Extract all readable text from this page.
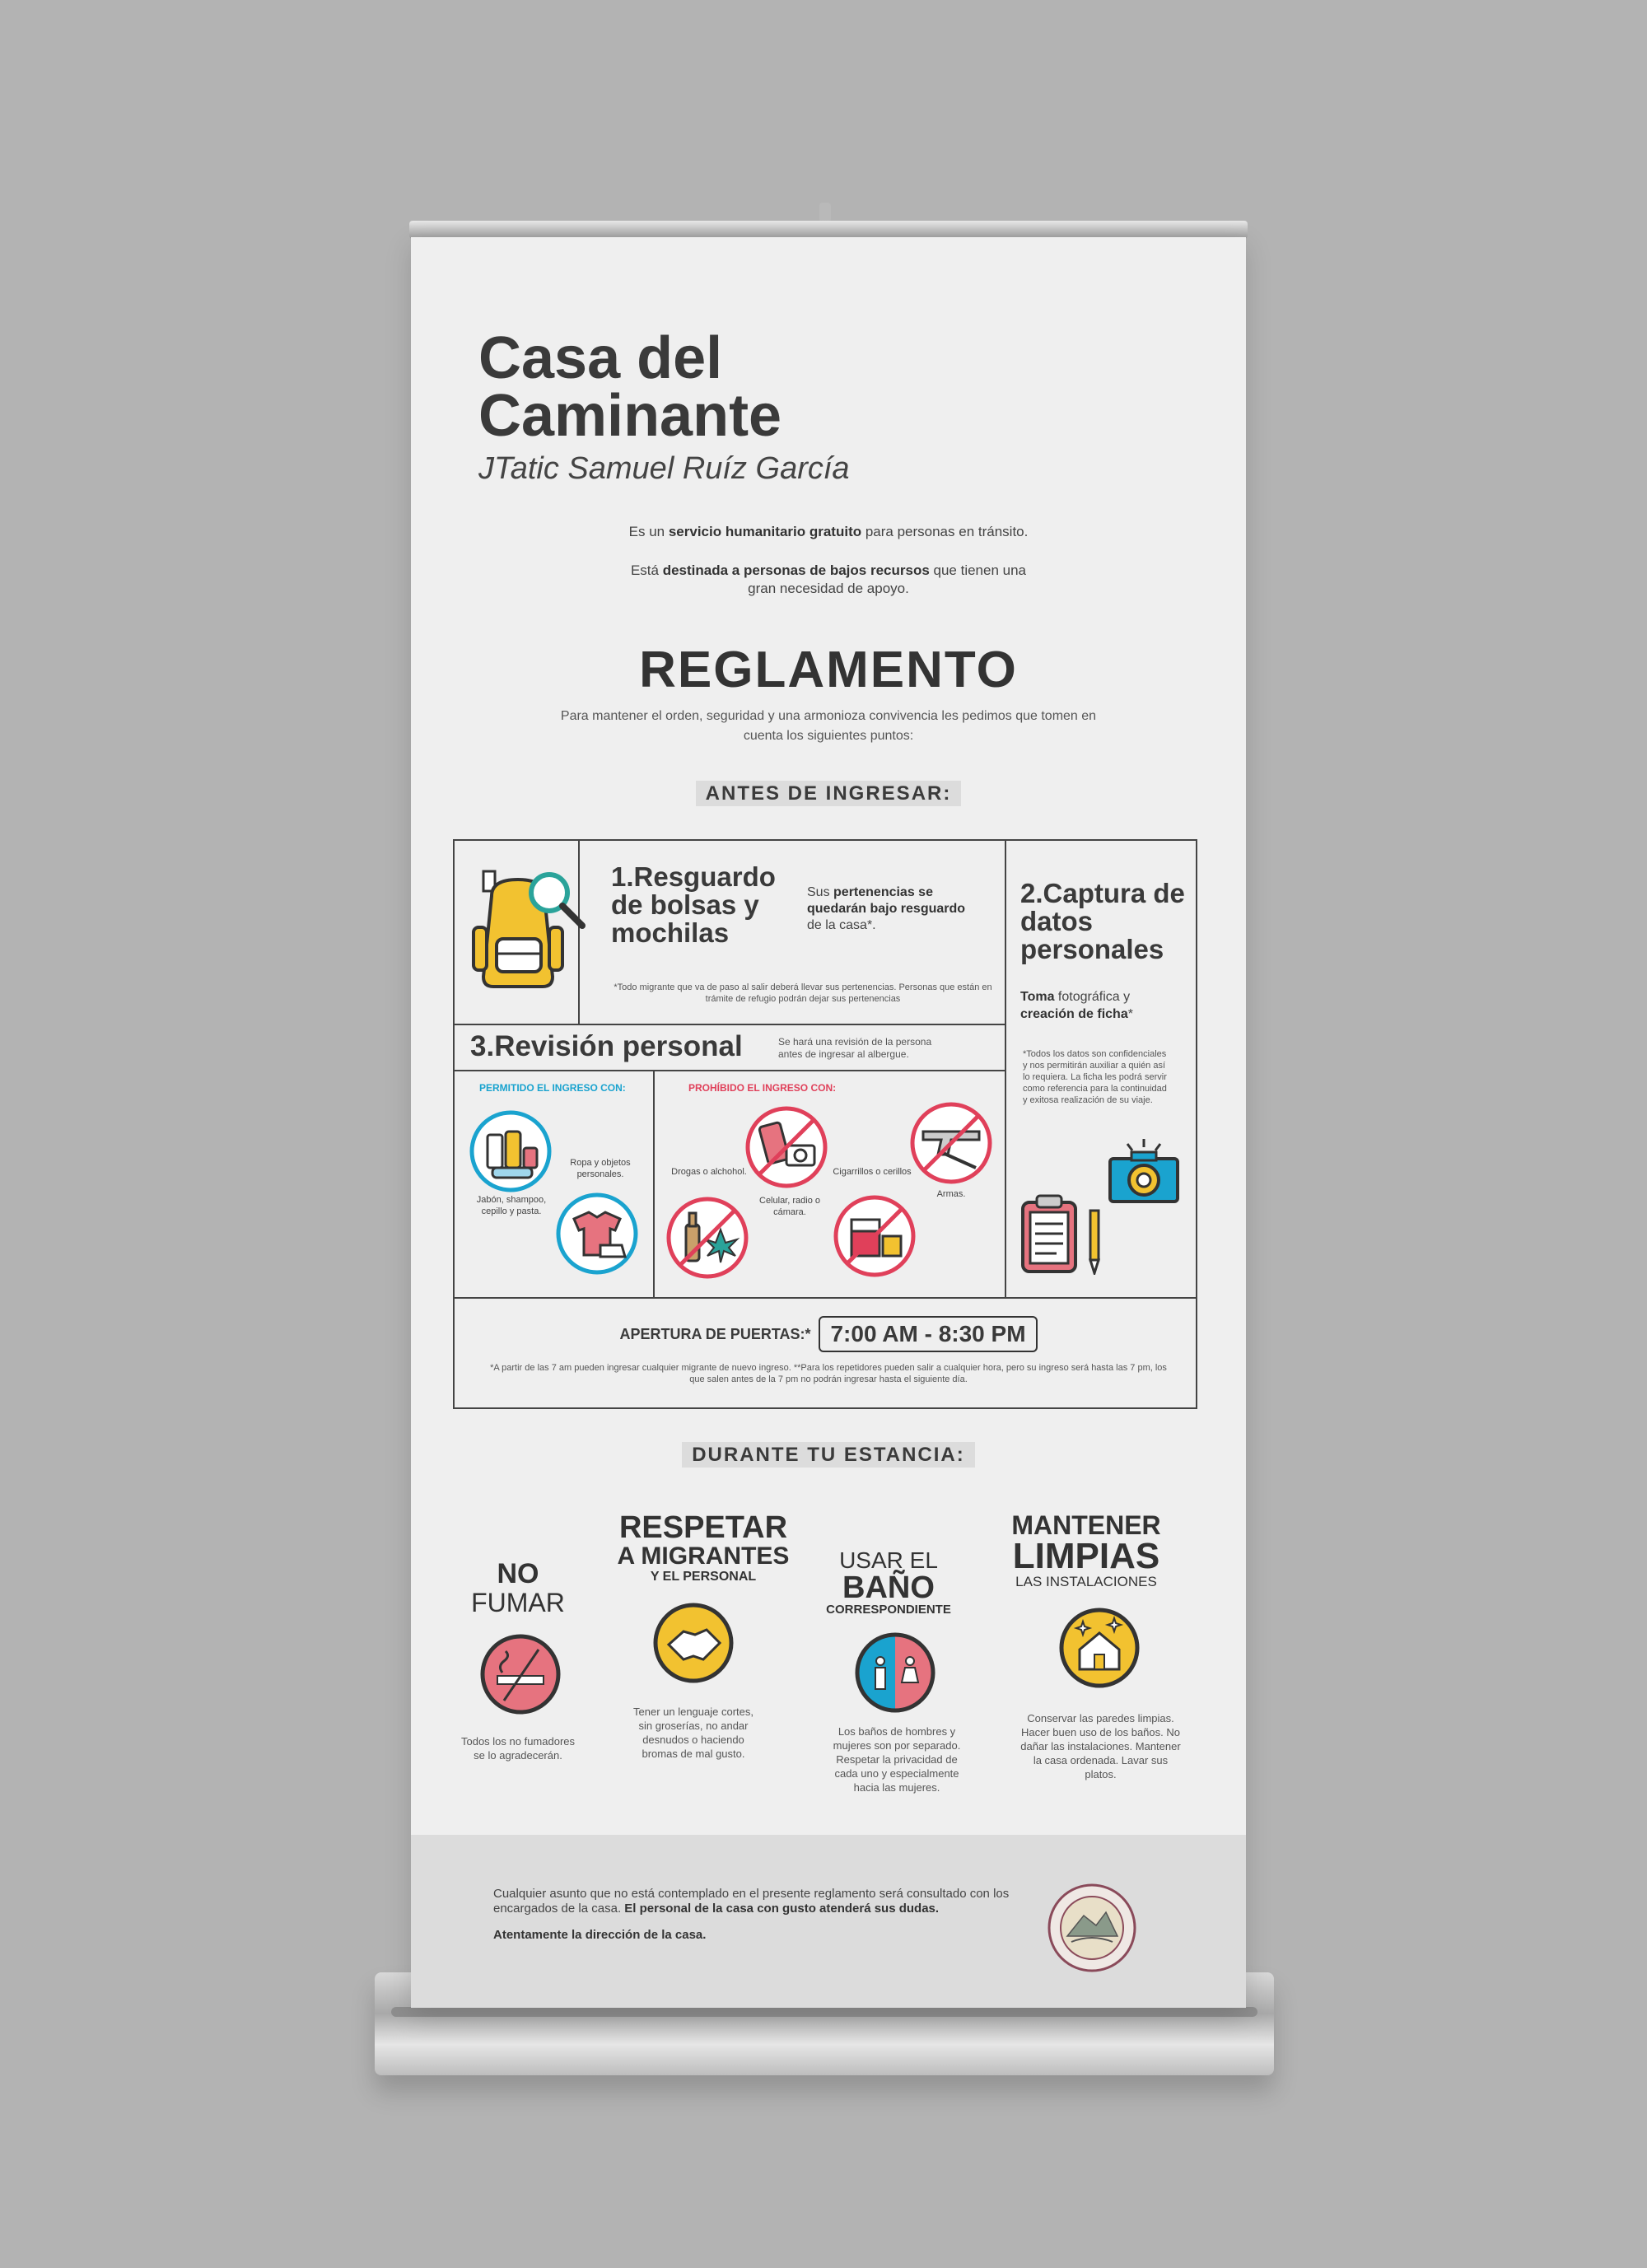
Casa del
Caminante
JTatic Samuel Ruíz García
Es un servicio humanitario gratuito para personas en tránsito.
Está destinada a personas de bajos recursos que tienen una gran necesidad de apoyo.
REGLAMENTO
Para mantener el orden, seguridad y una armonioza convivencia les pedimos que tomen en cuenta los siguientes puntos:
ANTES DE INGRESAR:
1.Resguardo de bolsas y mochilas
Sus pertenencias se quedarán bajo resguardo de la casa*.
*Todo migrante que va de paso al salir deberá llevar sus pertenencias. Personas que están en trámite de refugio podrán dejar sus pertenencias
2.Captura de datos personales
Toma fotográfica y creación de ficha*
*Todos los datos son confidenciales y nos permitirán auxiliar a quién así lo requiera. La ficha les podrá servir como referencia para la continuidad y exitosa realización de su viaje.
3.Revisión personal	Se hará una revisión de la persona antes de ingresar al albergue.
PERMITIDO EL INGRESO CON:	PROHÍBIDO EL INGRESO CON:
Jabón, shampoo, cepillo y pasta.
Ropa y objetos personales.	Drogas o alchohol.
Celular, radio o cámara.
Cigarrillos o cerillos
Armas.
APERTURA DE PUERTAS:* 7:00 AM - 8:30 PM
*A partir de las 7 am pueden ingresar cualquier migrante de nuevo ingreso. **Para los repetidores pueden salir a cualquier hora, pero su ingreso será hasta las 7 pm, los que salen antes de la 7 pm no podrán ingresar hasta el siguiente día.
DURANTE TU ESTANCIA:
NO
FUMAR
Todos los no fumadores se lo agradecerán.
RESPETAR
A MIGRANTES
Y EL PERSONAL
Tener un lenguaje cortes, sin groserías, no andar desnudos o haciendo bromas de mal gusto.
USAR EL
BAÑO
CORRESPONDIENTE
Los baños de hombres y mujeres son por separado. Respetar la privacidad de cada uno y especialmente hacia las mujeres.
MANTENER
LIMPIAS
LAS INSTALACIONES
Conservar las paredes limpias. Hacer buen uso de los baños. No dañar las instalaciones. Mantener la casa ordenada. Lavar sus platos.
Cualquier asunto que no está contemplado en el presente reglamento será consultado con los encargados de la casa. El personal de la casa con gusto atenderá sus dudas.
Atentamente la dirección de la casa.
